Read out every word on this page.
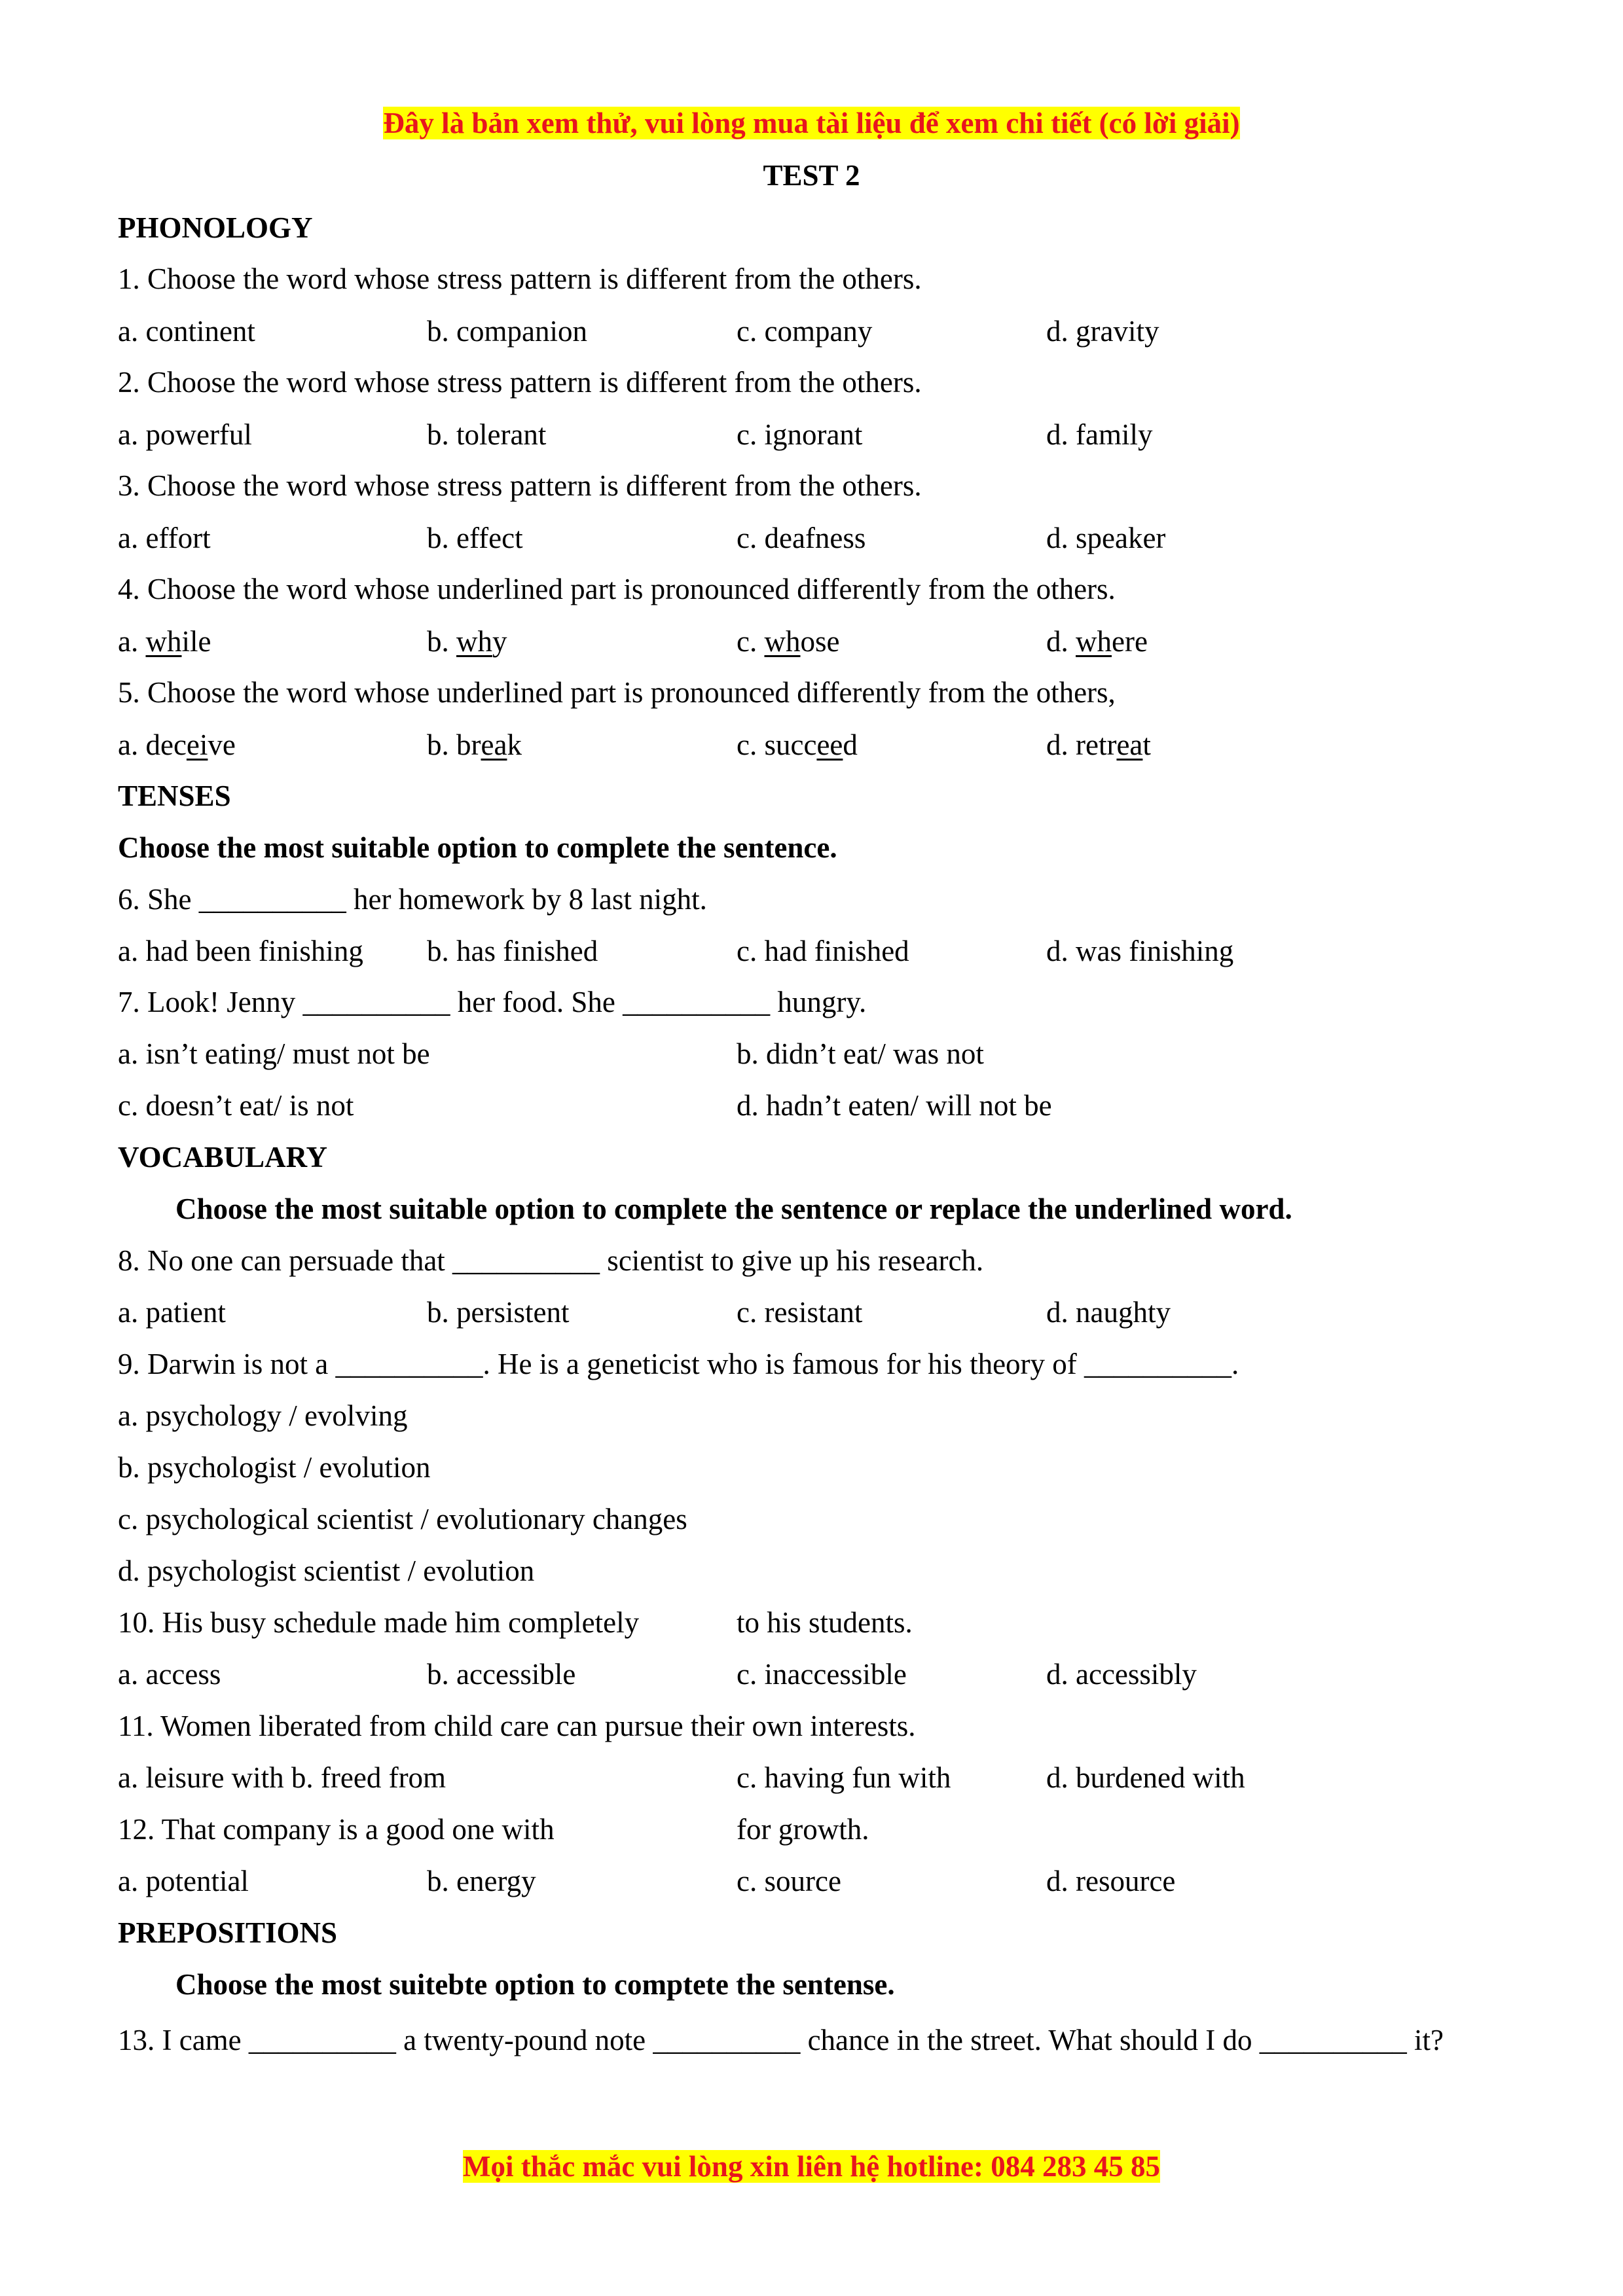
Đây là bản xem thử, vui lòng mua tài liệu để xem chi tiết (có lời giải)
TEST 2
PHONOLOGY
1. Choose the word whose stress pattern is different from the others.
a. continent	b. companion	c. company	d. gravity
2. Choose the word whose stress pattern is different from the others.
a. powerful	b. tolerant	c. ignorant	d. family
3. Choose the word whose stress pattern is different from the others.
a. effort	b. effect	c. deafness	d. speaker
4. Choose the word whose underlined part is pronounced differently from the others.
a. while	b. why	c. whose	d. where
5. Choose the word whose underlined part is pronounced differently from the others,
a. deceive	b. break	c. succeed	d. retreat
TENSES
Choose the most suitable option to complete the sentence.
6. She __________ her homework by 8 last night.
a. had been finishing b. has finished	c. had finished	d. was finishing
7. Look! Jenny __________ her food. She __________ hungry.
a. isn’t eating/ must not be	b. didn’t eat/ was not
c. doesn’t eat/ is not	d. hadn’t eaten/ will not be
VOCABULARY
Choose the most suitable option to complete the sentence or replace the underlined word.
8. No one can persuade that __________ scientist to give up his research.
a. patient	b. persistent	c. resistant	d. naughty
9. Darwin is not a __________. He is a geneticist who is famous for his theory of __________.
a. psychology / evolving
b. psychologist / evolution
c. psychological scientist / evolutionary changes
d. psychologist scientist / evolution
10. His busy schedule made him completely	to his students.
a. access	b. accessible	c. inaccessible	d. accessibly
11. Women liberated from child care can pursue their own interests.
a. leisure with b. freed from	c. having fun with	d. burdened with
12. That company is a good one with	for growth.
a. potential	b. energy	c. source	d. resource
PREPOSITIONS
Choose the most suitebte option to comptete the sentense.
13. I came __________ a twenty-pound note __________ chance in the street. What should I do __________ it?
Mọi thắc mắc vui lòng xin liên hệ hotline: 084 283 45 85
